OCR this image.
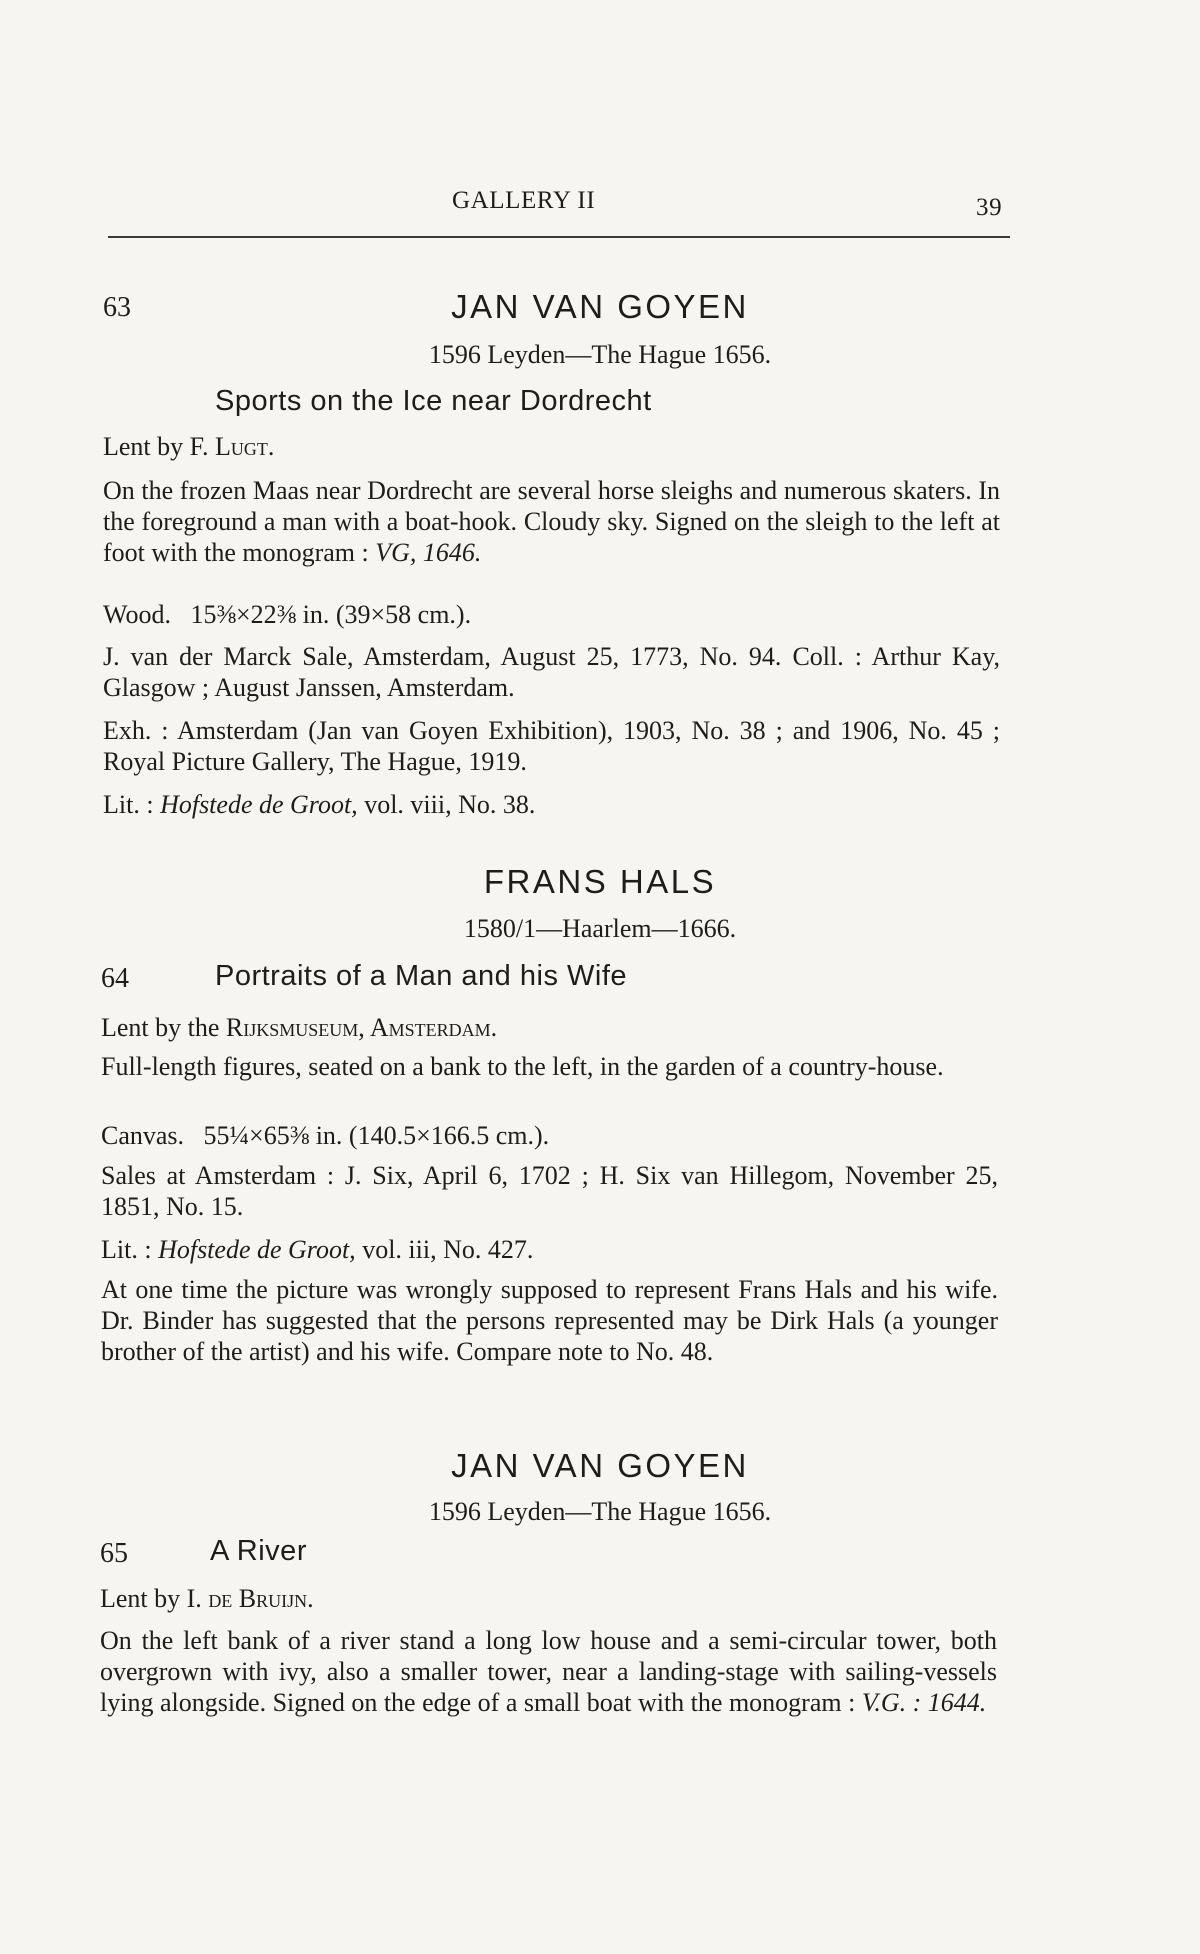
GALLERY II	39
63	JAN VAN GOYEN
1596 Leyden—The Hague 1656.
Sports on the Ice near Dordrecht
Lent by F. Lugt.

On the frozen Maas near Dordrecht are several horse sleighs and numerous skaters. In the foreground a man with a boat-hook. Cloudy sky. Signed on the sleigh to the left at foot with the monogram : VG, 1646.

Wood.   15⅜×22⅜ in. (39×58 cm.).

J. van der Marck Sale, Amsterdam, August 25, 1773, No. 94. Coll. : Arthur Kay, Glasgow ; August Janssen, Amsterdam.

Exh. : Amsterdam (Jan van Goyen Exhibition), 1903, No. 38 ; and 1906, No. 45 ; Royal Picture Gallery, The Hague, 1919.

Lit. : Hofstede de Groot, vol. viii, No. 38.
FRANS HALS
1580/1—Haarlem—1666.
64	Portraits of a Man and his Wife
Lent by the Rijksmuseum, Amsterdam.

Full-length figures, seated on a bank to the left, in the garden of a country-house.

Canvas.   55¼×65⅜ in. (140.5×166.5 cm.).

Sales at Amsterdam : J. Six, April 6, 1702 ; H. Six van Hillegom, November 25, 1851, No. 15.

Lit. : Hofstede de Groot, vol. iii, No. 427.

At one time the picture was wrongly supposed to represent Frans Hals and his wife. Dr. Binder has suggested that the persons represented may be Dirk Hals (a younger brother of the artist) and his wife. Compare note to No. 48.

JAN VAN GOYEN
1596 Leyden—The Hague 1656.
65	A River
Lent by I. de Bruijn.

On the left bank of a river stand a long low house and a semi-circular tower, both overgrown with ivy, also a smaller tower, near a landing-stage with sailing-vessels lying alongside. Signed on the edge of a small boat with the monogram : V.G. : 1644.
